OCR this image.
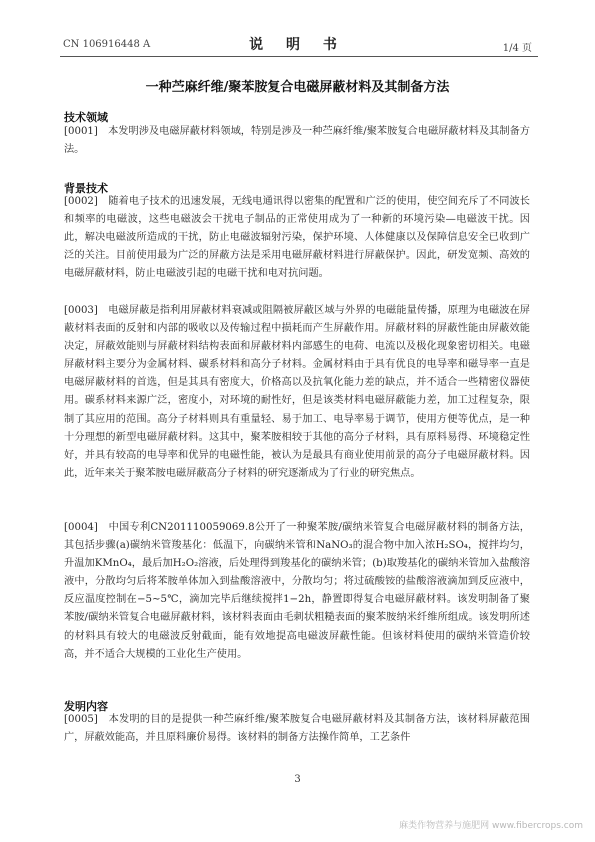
CN 106916448 A	说 明 书	1/4 页
一种苎麻纤维/聚苯胺复合电磁屏蔽材料及其制备方法
技术领域

[0001]　本发明涉及电磁屏蔽材料领域，特别是涉及一种苎麻纤维/聚苯胺复合电磁屏蔽材料及其制备方法。

背景技术

[0002]　随着电子技术的迅速发展，无线电通讯得以密集的配置和广泛的使用，使空间充斥了不同波长和频率的电磁波，这些电磁波会干扰电子制品的正常使用成为了一种新的环境污染—电磁波干扰。因此，解决电磁波所造成的干扰，防止电磁波辐射污染，保护环境、人体健康以及保障信息安全已收到广泛的关注。目前使用最为广泛的屏蔽方法是采用电磁屏蔽材料进行屏蔽保护。因此，研发宽频、高效的电磁屏蔽材料，防止电磁波引起的电磁干扰和电对抗问题。

[0003]　电磁屏蔽是指利用屏蔽材料衰减或阻隔被屏蔽区域与外界的电磁能量传播，原理为电磁波在屏蔽材料表面的反射和内部的吸收以及传输过程中损耗而产生屏蔽作用。屏蔽材料的屏蔽性能由屏蔽效能决定，屏蔽效能则与屏蔽材料结构表面和屏蔽材料内部感生的电荷、电流以及极化现象密切相关。电磁屏蔽材料主要分为金属材料、碳系材料和高分子材料。金属材料由于具有优良的电导率和磁导率一直是电磁屏蔽材料的首选，但是其具有密度大，价格高以及抗氧化能力差的缺点，并不适合一些精密仪器使用。碳系材料来源广泛，密度小，对环境的耐性好，但是该类材料电磁屏蔽能力差，加工过程复杂，限制了其应用的范围。高分子材料则具有重量轻、易于加工、电导率易于调节，使用方便等优点，是一种十分理想的新型电磁屏蔽材料。这其中，聚苯胺相较于其他的高分子材料，具有原料易得、环境稳定性好，并具有较高的电导率和优异的电磁性能，被认为是最具有商业使用前景的高分子电磁屏蔽材料。因此，近年来关于聚苯胺电磁屏蔽高分子材料的研究逐渐成为了行业的研究焦点。

[0004]　中国专利CN201110059069.8公开了一种聚苯胺/碳纳米管复合电磁屏蔽材料的制备方法，其包括步骤(a)碳纳米管羧基化：低温下，向碳纳米管和NaNO₃的混合物中加入浓H₂SO₄，搅拌均匀，升温加KMnO₄，最后加H₂O₂溶液，后处理得到羧基化的碳纳米管；(b)取羧基化的碳纳米管加入盐酸溶液中，分散均匀后将苯胺单体加入到盐酸溶液中，分散均匀；将过硫酸铵的盐酸溶液滴加到反应液中，反应温度控制在−5∼5℃，滴加完毕后继续搅拌1−2h，静置即得复合电磁屏蔽材料。该发明制备了聚苯胺/碳纳米管复合电磁屏蔽材料，该材料表面由毛刺状粗糙表面的聚苯胺纳米纤维所组成。该发明所述的材料具有较大的电磁波反射截面，能有效地提高电磁波屏蔽性能。但该材料使用的碳纳米管造价较高，并不适合大规模的工业化生产使用。

发明内容

[0005]　本发明的目的是提供一种苎麻纤维/聚苯胺复合电磁屏蔽材料及其制备方法，该材料屏蔽范围广，屏蔽效能高，并且原料廉价易得。该材料的制备方法操作简单，工艺条件

3
麻类作物营养与施肥网 www.fibercrops.com
